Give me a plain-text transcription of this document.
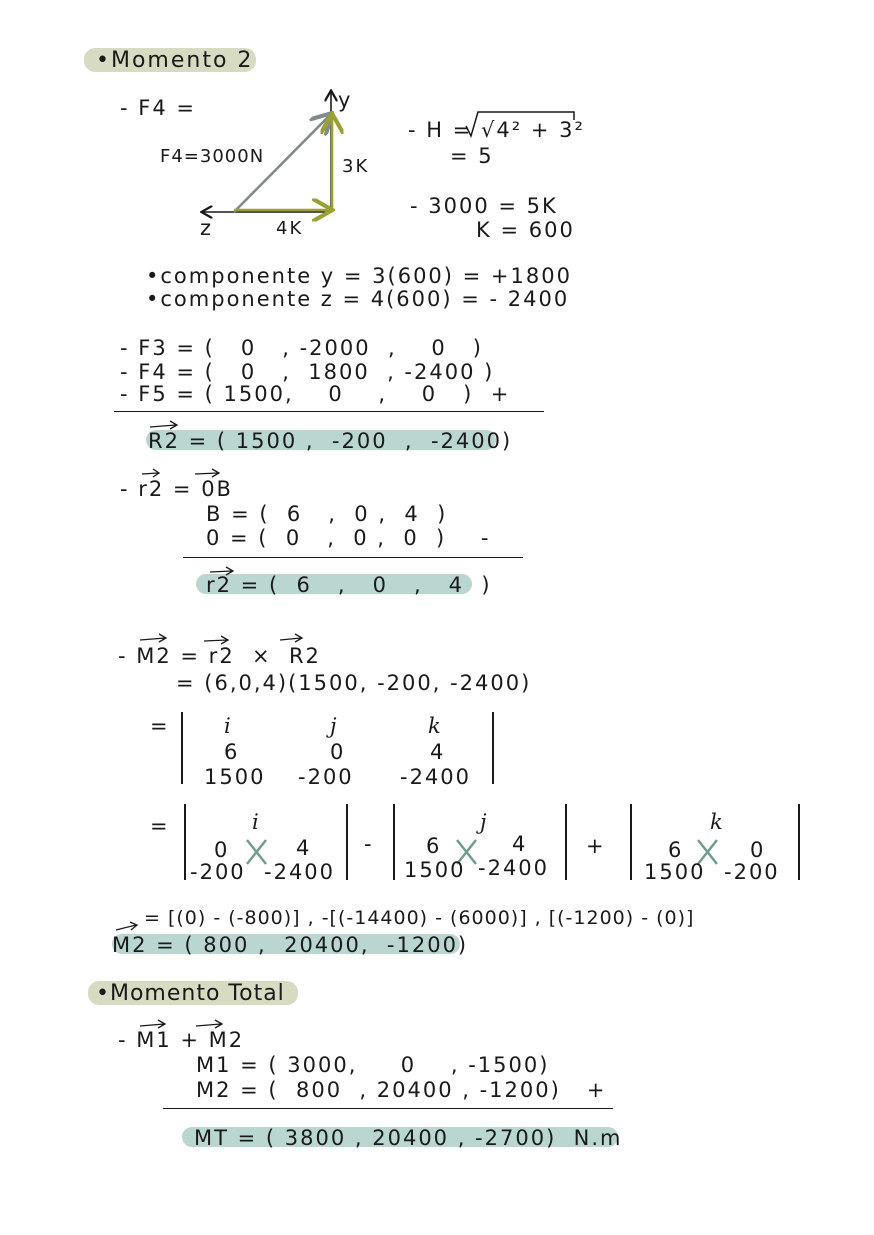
•Momento 2
- F4 =	y
z
F4=3000N	3K
4K
- H = √4² + 3²
= 5
- 3000 = 5K
K = 600
•componente y = 3(600) = +1800
•componente z = 4(600) = - 2400
- F3 = (   0   , -2000  ,    0   )
- F4 = (   0   ,  1800  , -2400 )
- F5 = ( 1500,    0    ,    0   )  +
R2 = ( 1500 ,  -200  ,  -2400)
- r2 = 0B
B = (  6   ,  0 ,  4  )
0 = (  0   ,  0 ,  0  )    -
r2 = (  6   ,   0   ,   4  )
- M2 = r2  ×  R2
= (6,0,4)(1500, -200, -2400)
=	i	j	k
6	0	4
1500 -200 -2400
=	i
0	4
-200 -2400
-
j
6	4
1500 -2400
+
k
6	0
1500 -200
= [(0) - (-800)] , -[(-14400) - (6000)] , [(-1200) - (0)]
M2 = ( 800 ,  20400,  -1200)
•Momento Total
- M1 + M2
M1 = ( 3000,     0    , -1500)
M2 = (  800  , 20400 , -1200)   +
MT = ( 3800 , 20400 , -2700)  N.m
